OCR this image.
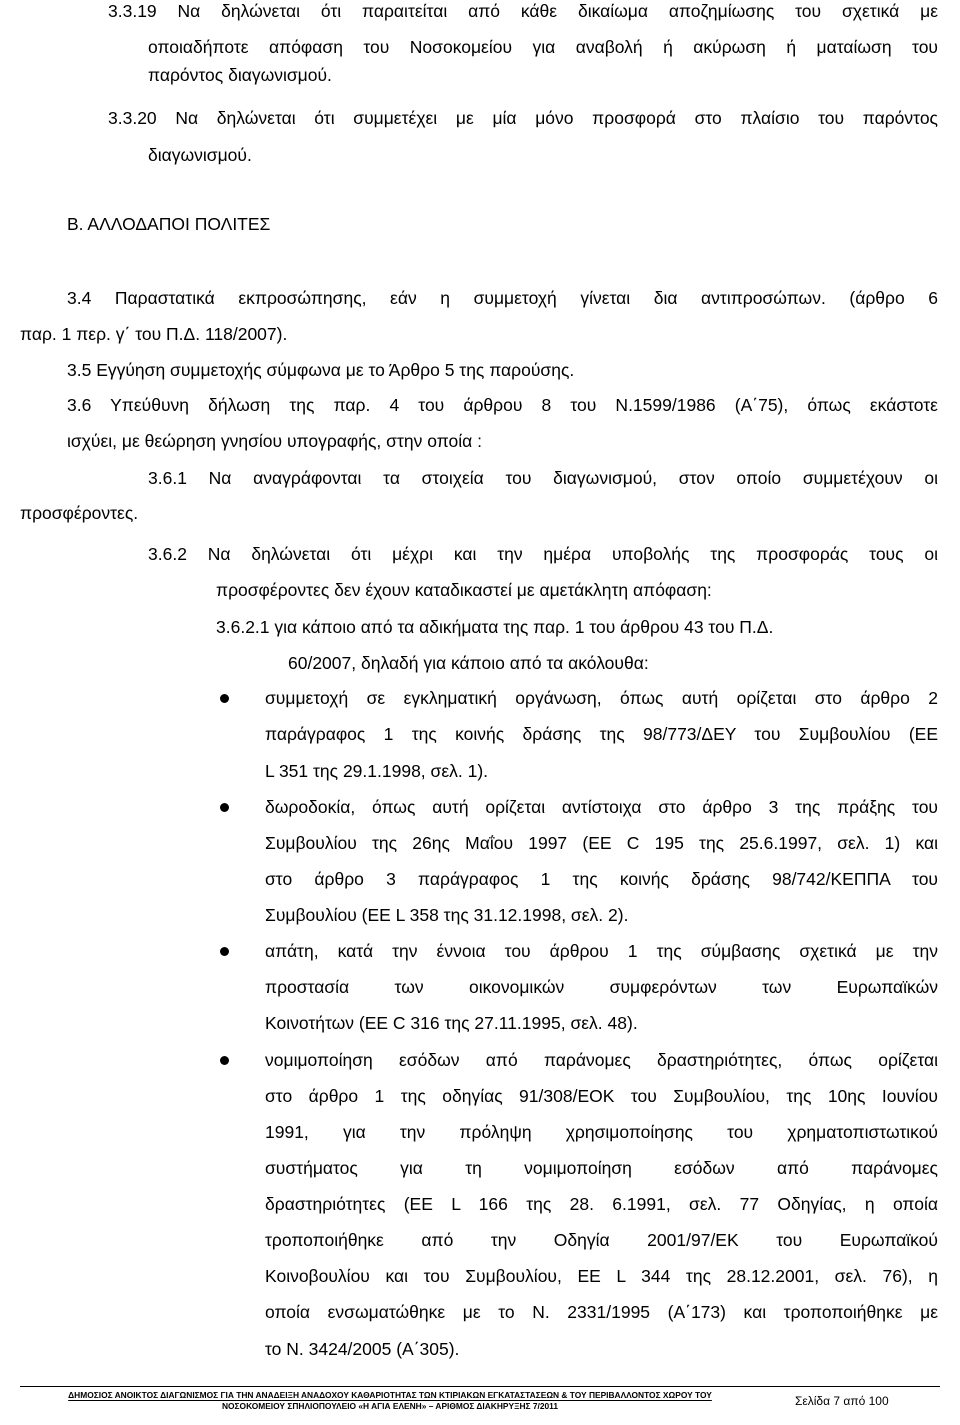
3.3.19 Να δηλώνεται ότι παραιτείται από κάθε δικαίωμα αποζημίωσης του σχετικά με
οποιαδήποτε απόφαση του Νοσοκομείου για αναβολή ή ακύρωση ή ματαίωση του
παρόντος διαγωνισμού.
3.3.20 Να δηλώνεται ότι συμμετέχει με μία μόνο προσφορά στο πλαίσιο του παρόντος
διαγωνισμού.
Β. ΑΛΛΟΔΑΠΟΙ ΠΟΛΙΤΕΣ
3.4 Παραστατικά εκπροσώπησης, εάν η συμμετοχή γίνεται δια αντιπροσώπων. (άρθρο 6
παρ. 1 περ. γ΄ του Π.Δ. 118/2007).
3.5 Εγγύηση συμμετοχής σύμφωνα με το Άρθρο 5 της παρούσης.
3.6 Υπεύθυνη δήλωση της παρ. 4 του άρθρου 8 του Ν.1599/1986 (Α΄75), όπως εκάστοτε
ισχύει, με θεώρηση γνησίου υπογραφής, στην οποία :
3.6.1 Να αναγράφονται τα στοιχεία του διαγωνισμού, στον οποίο συμμετέχουν οι
προσφέροντες.
3.6.2 Να δηλώνεται ότι μέχρι και την ημέρα υποβολής της προσφοράς τους οι
προσφέροντες δεν έχουν καταδικαστεί με αμετάκλητη απόφαση:
3.6.2.1 για κάποιο από τα αδικήματα της παρ. 1 του άρθρου 43 του Π.Δ.
60/2007, δηλαδή για κάποιο από τα ακόλουθα:
συμμετοχή σε εγκληματική οργάνωση, όπως αυτή ορίζεται στο άρθρο 2
παράγραφος 1 της κοινής δράσης της 98/773/ΔΕΥ του Συμβουλίου (ΕΕ
L 351 της 29.1.1998, σελ. 1).
δωροδοκία, όπως αυτή ορίζεται αντίστοιχα στο άρθρο 3 της πράξης του
Συμβουλίου της 26ης Μαΐου 1997 (ΕΕ C 195 της 25.6.1997, σελ. 1) και
στο άρθρο 3 παράγραφος 1 της κοινής δράσης 98/742/ΚΕΠΠΑ του
Συμβουλίου (ΕΕ L 358 της 31.12.1998, σελ. 2).
απάτη, κατά την έννοια του άρθρου 1 της σύμβασης σχετικά με την
προστασία των οικονομικών συμφερόντων των Ευρωπαϊκών
Κοινοτήτων (ΕΕ C 316 της 27.11.1995, σελ. 48).
νομιμοποίηση εσόδων από παράνομες δραστηριότητες, όπως ορίζεται
στο άρθρο 1 της οδηγίας 91/308/ΕΟΚ του Συμβουλίου, της 10ης Ιουνίου
1991, για την πρόληψη χρησιμοποίησης του χρηματοπιστωτικού
συστήματος για τη νομιμοποίηση εσόδων από παράνομες
δραστηριότητες (ΕΕ L 166 της 28. 6.1991, σελ. 77 Οδηγίας, η οποία
τροποποιήθηκε από την Οδηγία 2001/97/ΕΚ του Ευρωπαϊκού
Κοινοβουλίου και του Συμβουλίου, ΕΕ L 344 της 28.12.2001, σελ. 76), η
οποία ενσωματώθηκε με το Ν. 2331/1995 (Α΄173) και τροποποιήθηκε με
το Ν. 3424/2005 (Α΄305).
ΔΗΜΟΣΙΟΣ ΑΝΟΙΚΤΟΣ ΔΙΑΓΩΝΙΣΜΟΣ ΓΙΑ ΤΗΝ ΑΝΑΔΕΙΞΗ ΑΝΑΔΟΧΟΥ ΚΑΘΑΡΙΟΤΗΤΑΣ ΤΩΝ ΚΤΙΡΙΑΚΩΝ ΕΓΚΑΤΑΣΤΑΣΕΩΝ & ΤΟΥ ΠΕΡΙΒΑΛΛΟΝΤΟΣ ΧΩΡΟΥ ΤΟΥ
ΝΟΣΟΚΟΜΕΙΟΥ ΣΠΗΛΙΟΠΟΥΛΕΙΟ «Η ΑΓΙΑ ΕΛΕΝΗ» – ΑΡΙΘΜΟΣ ΔΙΑΚΗΡΥΞΗΣ 7/2011	Σελίδα 7 από 100
